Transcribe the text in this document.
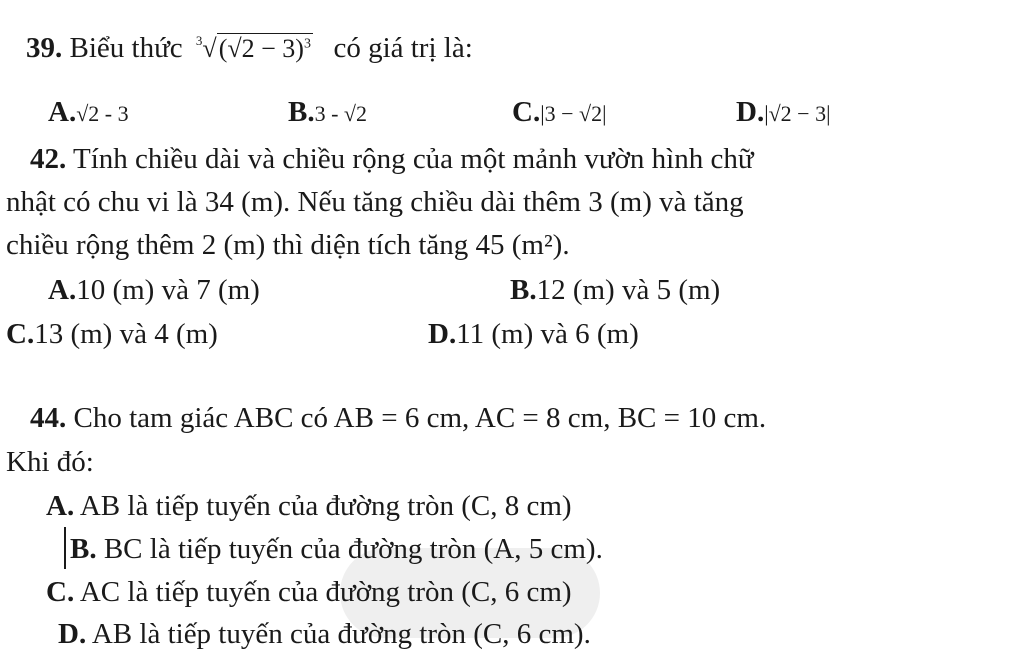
39. Biểu thức $^3√(√2 - 3)^3$ có giá trị là:
A.√2 - 3	B.3 - √2	C.|3 − √2|	D.|√2 − 3|
42. Tính chiều dài và chiều rộng của một mảnh vườn hình chữ
nhật có chu vi là 34 (m). Nếu tăng chiều dài thêm 3 (m) và tăng
chiều rộng thêm 2 (m) thì diện tích tăng 45 (m²).
A.10 (m) và 7 (m)	B.12 (m) và 5 (m)
C.13 (m) và 4 (m)	D.11 (m) và 6 (m)
44. Cho tam giác ABC có AB = 6 cm, AC = 8 cm, BC = 10 cm.
Khi đó:
A. AB là tiếp tuyến của đường tròn (C, 8 cm)
B. BC là tiếp tuyến của đường tròn (A, 5 cm).
C. AC là tiếp tuyến của đường tròn (C, 6 cm)
D. AB là tiếp tuyến của đường tròn (C, 6 cm).
